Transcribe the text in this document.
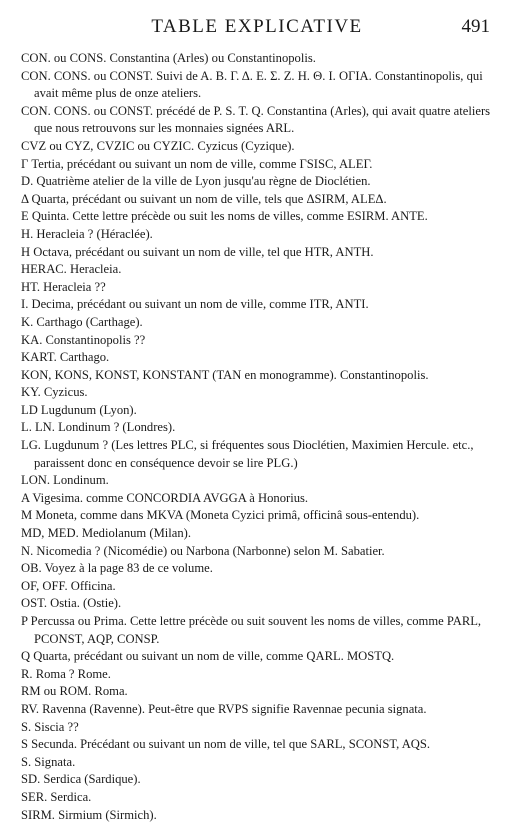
TABLE EXPLICATIVE	491

CON. ou CONS. Constantina (Arles) ou Constantinopolis.

CON. CONS. ou CONST. Suivi de A. B. Γ. Δ. E. Σ. Z. H. Θ. I. OΓIA. Constantinopolis, qui avait même plus de onze ateliers.

CON. CONS. ou CONST. précédé de P. S. T. Q. Constantina (Arles), qui avait quatre ateliers que nous retrouvons sur les monnaies signées ARL.

CVZ ou CYZ, CVZIC ou CYZIC. Cyzicus (Cyzique).

Γ Tertia, précédant ou suivant un nom de ville, comme ΓSISC, ALEΓ.

D. Quatrième atelier de la ville de Lyon jusqu'au règne de Dioclétien.

Δ Quarta, précédant ou suivant un nom de ville, tels que ΔSIRM, ALEΔ.

E Quinta. Cette lettre précède ou suit les noms de villes, comme ESIRM. ANTE.

H. Heracleia ? (Héraclée).

H Octava, précédant ou suivant un nom de ville, tel que HTR, ANTH.

HERAC. Heracleia.

HT. Heracleia ??

I. Decima, précédant ou suivant un nom de ville, comme ITR, ANTI.

K. Carthago (Carthage).

KA. Constantinopolis ??

KART. Carthago.

KON, KONS, KONST, KONSTANT (TAN en monogramme). Constantinopolis.

KY. Cyzicus.

LD Lugdunum (Lyon).

L. LN. Londinum ? (Londres).

LG. Lugdunum ? (Les lettres PLC, si fréquentes sous Dioclétien, Maximien Hercule. etc., paraissent donc en conséquence devoir se lire PLG.)

LON. Londinum.

A Vigesima. comme CONCORDIA AVGGA à Honorius.

M Moneta, comme dans MKVA (Moneta Cyzici primâ, officinâ sous-entendu).

MD, MED. Mediolanum (Milan).

N. Nicomedia ? (Nicomédie) ou Narbona (Narbonne) selon M. Sabatier.

OB. Voyez à la page 83 de ce volume.

OF, OFF. Officina.

OST. Ostia. (Ostie).

P Percussa ou Prima. Cette lettre précède ou suit souvent les noms de villes, comme PARL, PCONST, AQP, CONSP.

Q Quarta, précédant ou suivant un nom de ville, comme QARL. MOSTQ.

R. Roma ? Rome.

RM ou ROM. Roma.

RV. Ravenna (Ravenne). Peut-être que RVPS signifie Ravennae pecunia signata.

S. Siscia ??

S Secunda. Précédant ou suivant un nom de ville, tel que SARL, SCONST, AQS.

S. Signata.

SD. Serdica (Sardique).

SER. Serdica.

SIRM. Sirmium (Sirmich).
